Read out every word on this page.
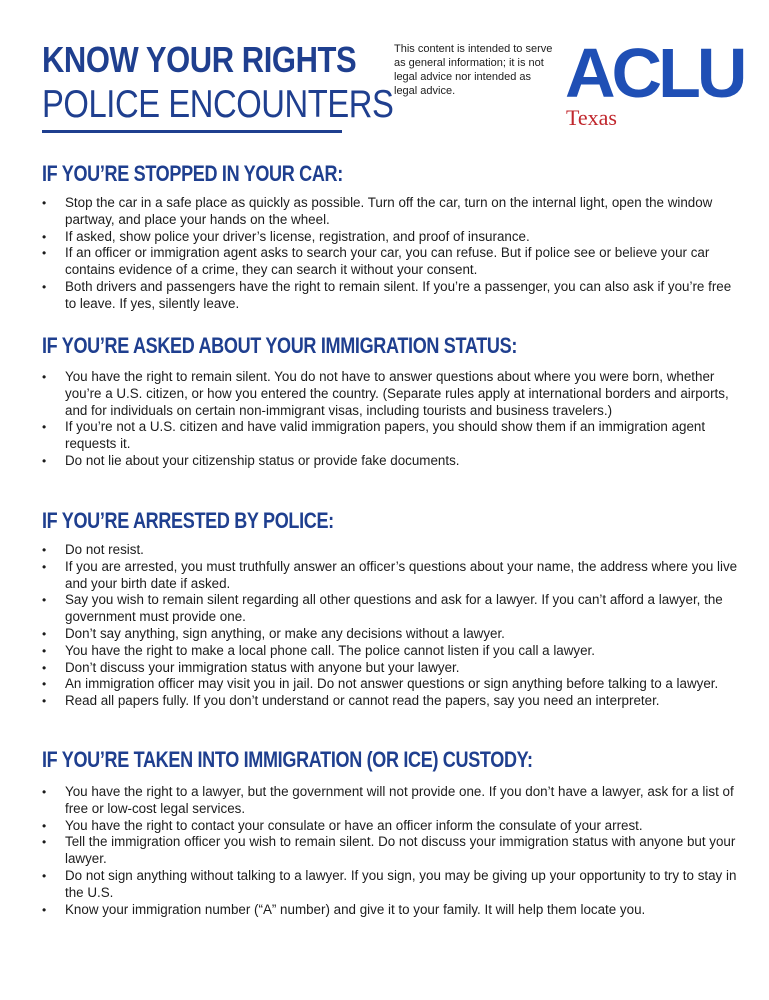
KNOW YOUR RIGHTS
POLICE ENCOUNTERS
This content is intended to serve as general information; it is not legal advice nor intended as legal advice.	ACLU
Texas
IF YOU’RE STOPPED IN YOUR CAR:
• Stop the car in a safe place as quickly as possible. Turn off the car, turn on the internal light, open the window partway, and place your hands on the wheel.
• If asked, show police your driver’s license, registration, and proof of insurance.
• If an officer or immigration agent asks to search your car, you can refuse. But if police see or believe your car contains evidence of a crime, they can search it without your consent.
• Both drivers and passengers have the right to remain silent. If you’re a passenger, you can also ask if you’re free to leave. If yes, silently leave.
IF YOU’RE ASKED ABOUT YOUR IMMIGRATION STATUS:
• You have the right to remain silent. You do not have to answer questions about where you were born, whether you’re a U.S. citizen, or how you entered the country. (Separate rules apply at international borders and airports, and for individuals on certain non-immigrant visas, including tourists and business travelers.)
• If you’re not a U.S. citizen and have valid immigration papers, you should show them if an immigration agent requests it.
• Do not lie about your citizenship status or provide fake documents.
IF YOU’RE ARRESTED BY POLICE:
• Do not resist.
• If you are arrested, you must truthfully answer an officer’s questions about your name, the address where you live and your birth date if asked.
• Say you wish to remain silent regarding all other questions and ask for a lawyer. If you can’t afford a lawyer, the government must provide one.
• Don’t say anything, sign anything, or make any decisions without a lawyer.
• You have the right to make a local phone call. The police cannot listen if you call a lawyer.
• Don’t discuss your immigration status with anyone but your lawyer.
• An immigration officer may visit you in jail. Do not answer questions or sign anything before talking to a lawyer.
• Read all papers fully. If you don’t understand or cannot read the papers, say you need an interpreter.
IF YOU’RE TAKEN INTO IMMIGRATION (OR ICE) CUSTODY:
• You have the right to a lawyer, but the government will not provide one. If you don’t have a lawyer, ask for a list of free or low-cost legal services.
• You have the right to contact your consulate or have an officer inform the consulate of your arrest.
• Tell the immigration officer you wish to remain silent. Do not discuss your immigration status with anyone but your lawyer.
• Do not sign anything without talking to a lawyer. If you sign, you may be giving up your opportunity to try to stay in the U.S.
• Know your immigration number (“A” number) and give it to your family. It will help them locate you.
